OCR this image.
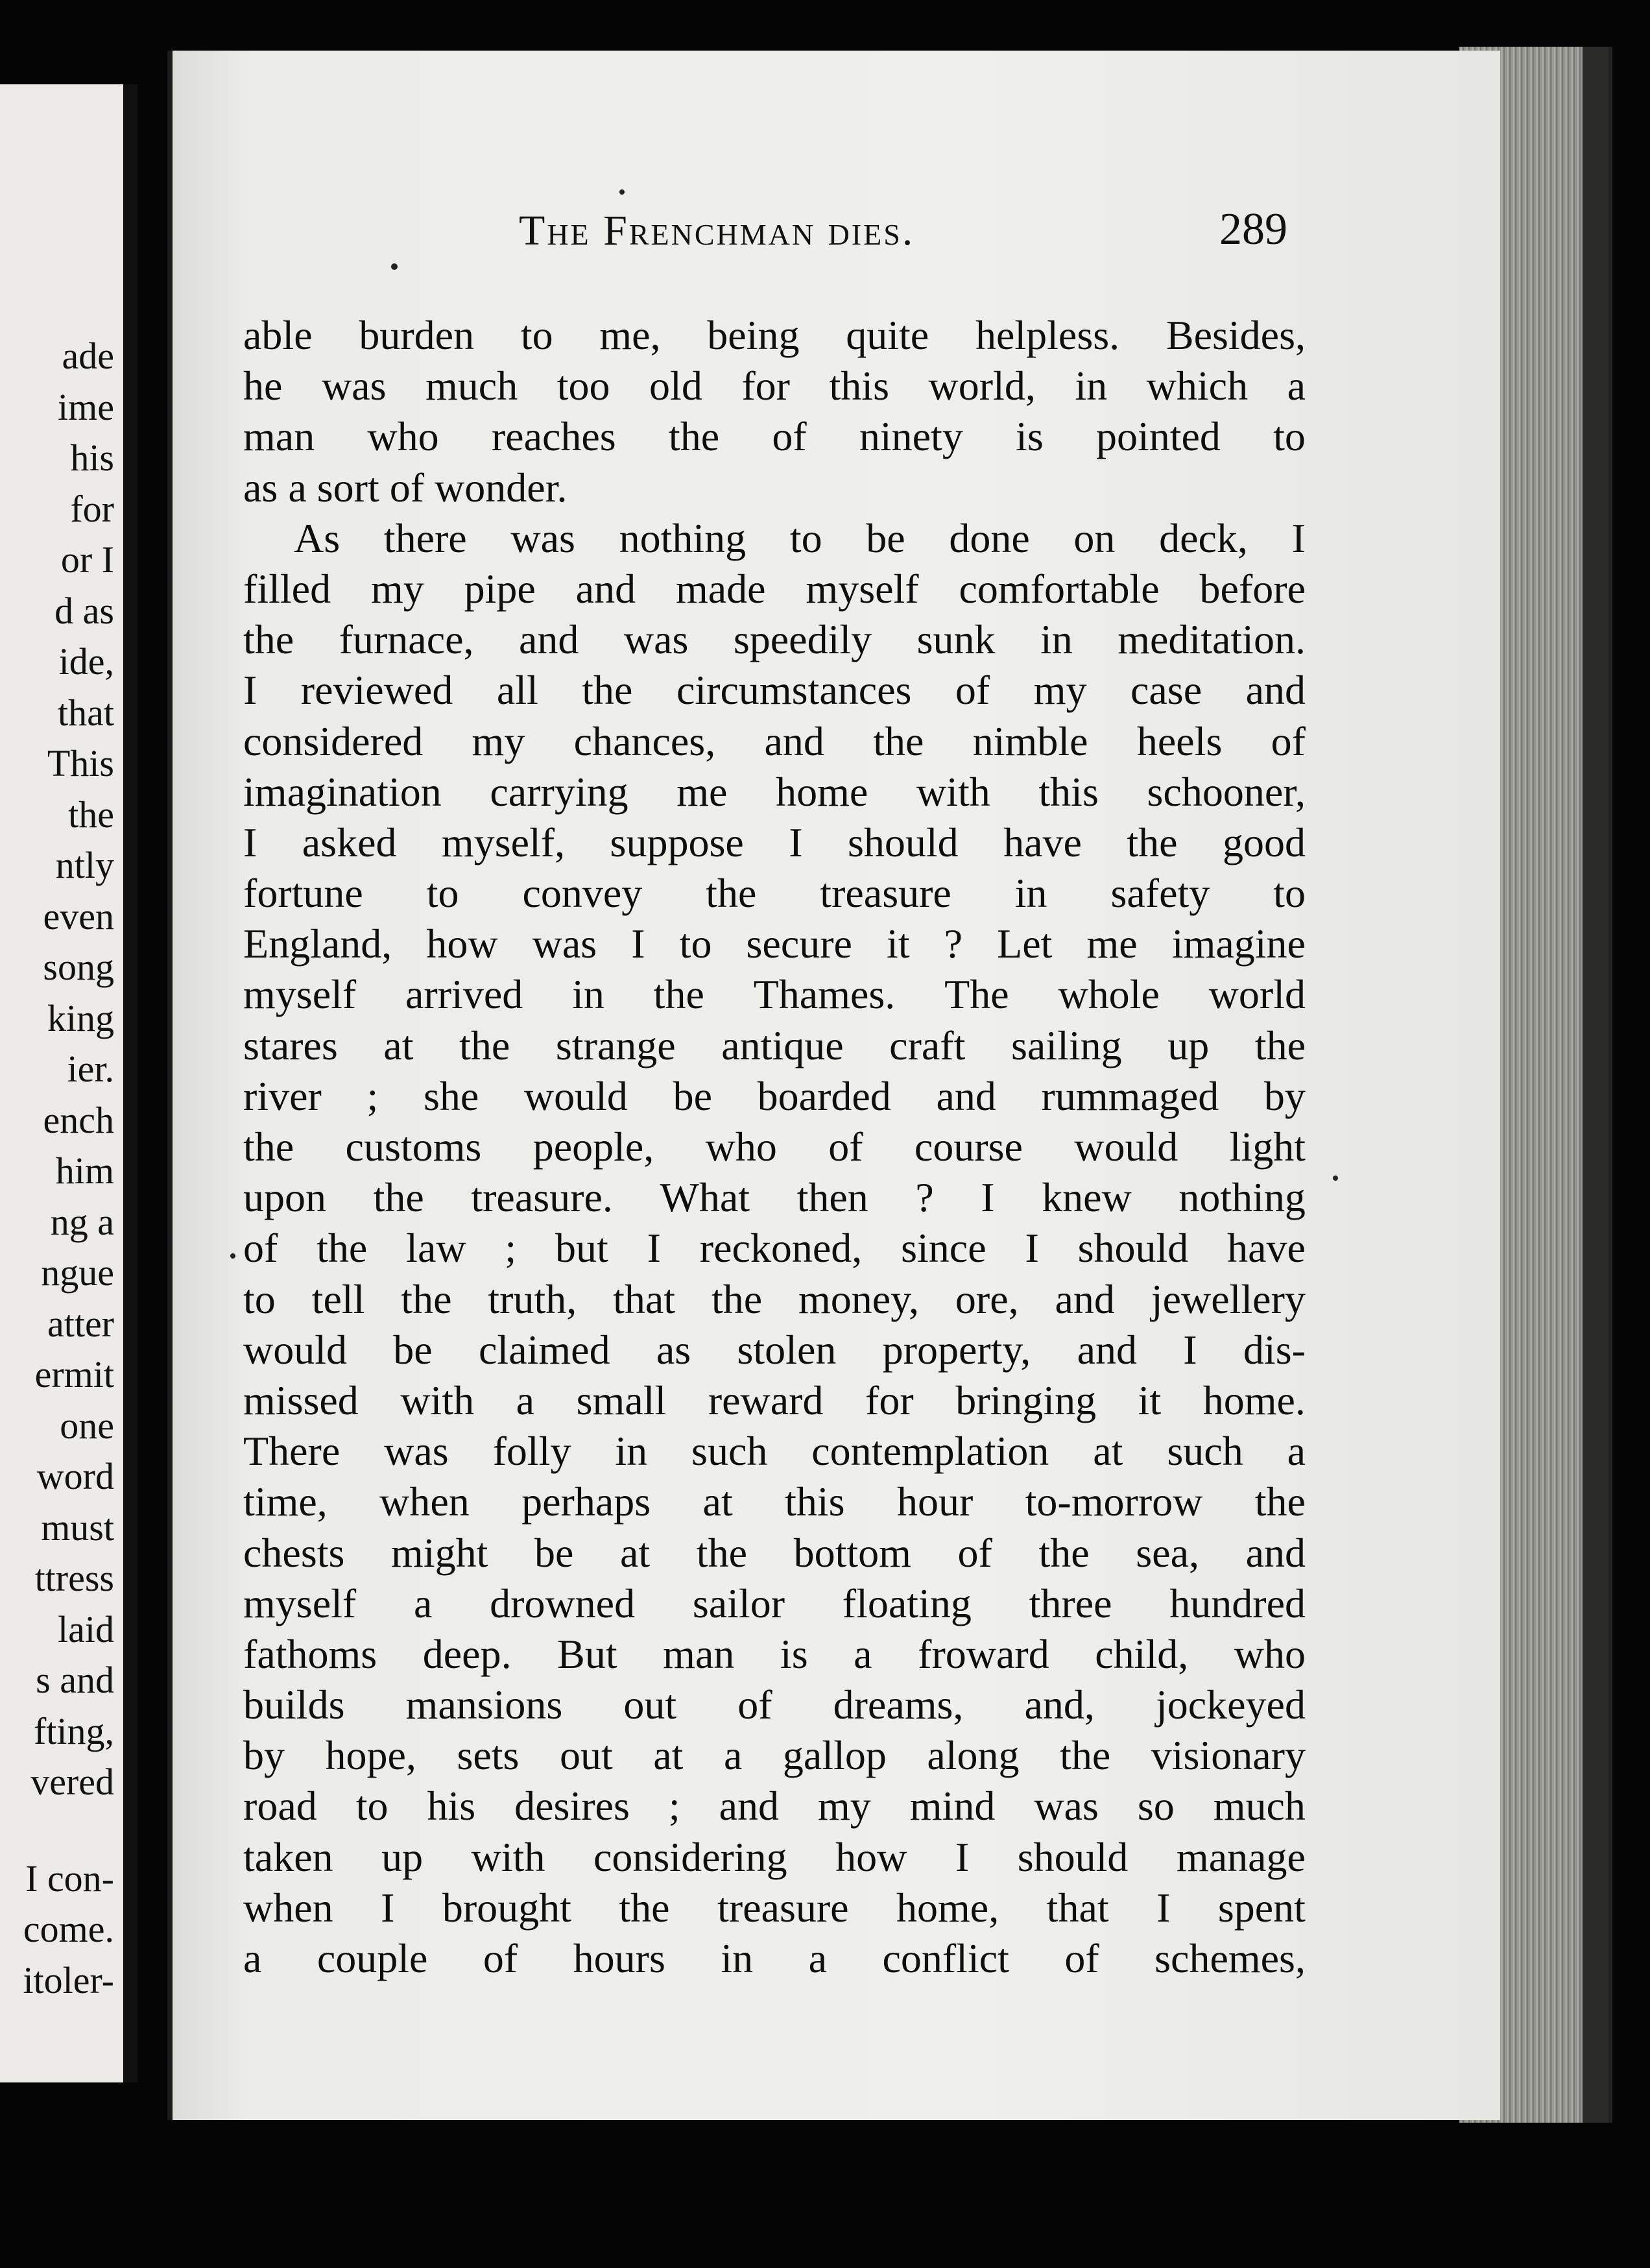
ade
ime
his
for
or I
d as
ide,
that
This
the
ntly
even
song
king
ier.
ench
him
ng a
ngue
atter
ermit
one
word
must
ttress
laid
s and
fting,
vered
I con-
come.
itoler-
The Frenchman dies.	289
able burden to me, being quite helpless. Besides,
he was much too old for this world, in which a
man who reaches the of ninety is pointed to
as a sort of wonder.
As there was nothing to be done on deck, I
filled my pipe and made myself comfortable before
the furnace, and was speedily sunk in meditation.
I reviewed all the circumstances of my case and
considered my chances, and the nimble heels of
imagination carrying me home with this schooner,
I asked myself, suppose I should have the good
fortune to convey the treasure in safety to
England, how was I to secure it ? Let me imagine
myself arrived in the Thames. The whole world
stares at the strange antique craft sailing up the
river ; she would be boarded and rummaged by
the customs people, who of course would light
upon the treasure. What then ? I knew nothing
of the law ; but I reckoned, since I should have
to tell the truth, that the money, ore, and jewellery
would be claimed as stolen property, and I dis-
missed with a small reward for bringing it home.
There was folly in such contemplation at such a
time, when perhaps at this hour to-morrow the
chests might be at the bottom of the sea, and
myself a drowned sailor floating three hundred
fathoms deep. But man is a froward child, who
builds mansions out of dreams, and, jockeyed
by hope, sets out at a gallop along the visionary
road to his desires ; and my mind was so much
taken up with considering how I should manage
when I brought the treasure home, that I spent
a couple of hours in a conflict of schemes,
